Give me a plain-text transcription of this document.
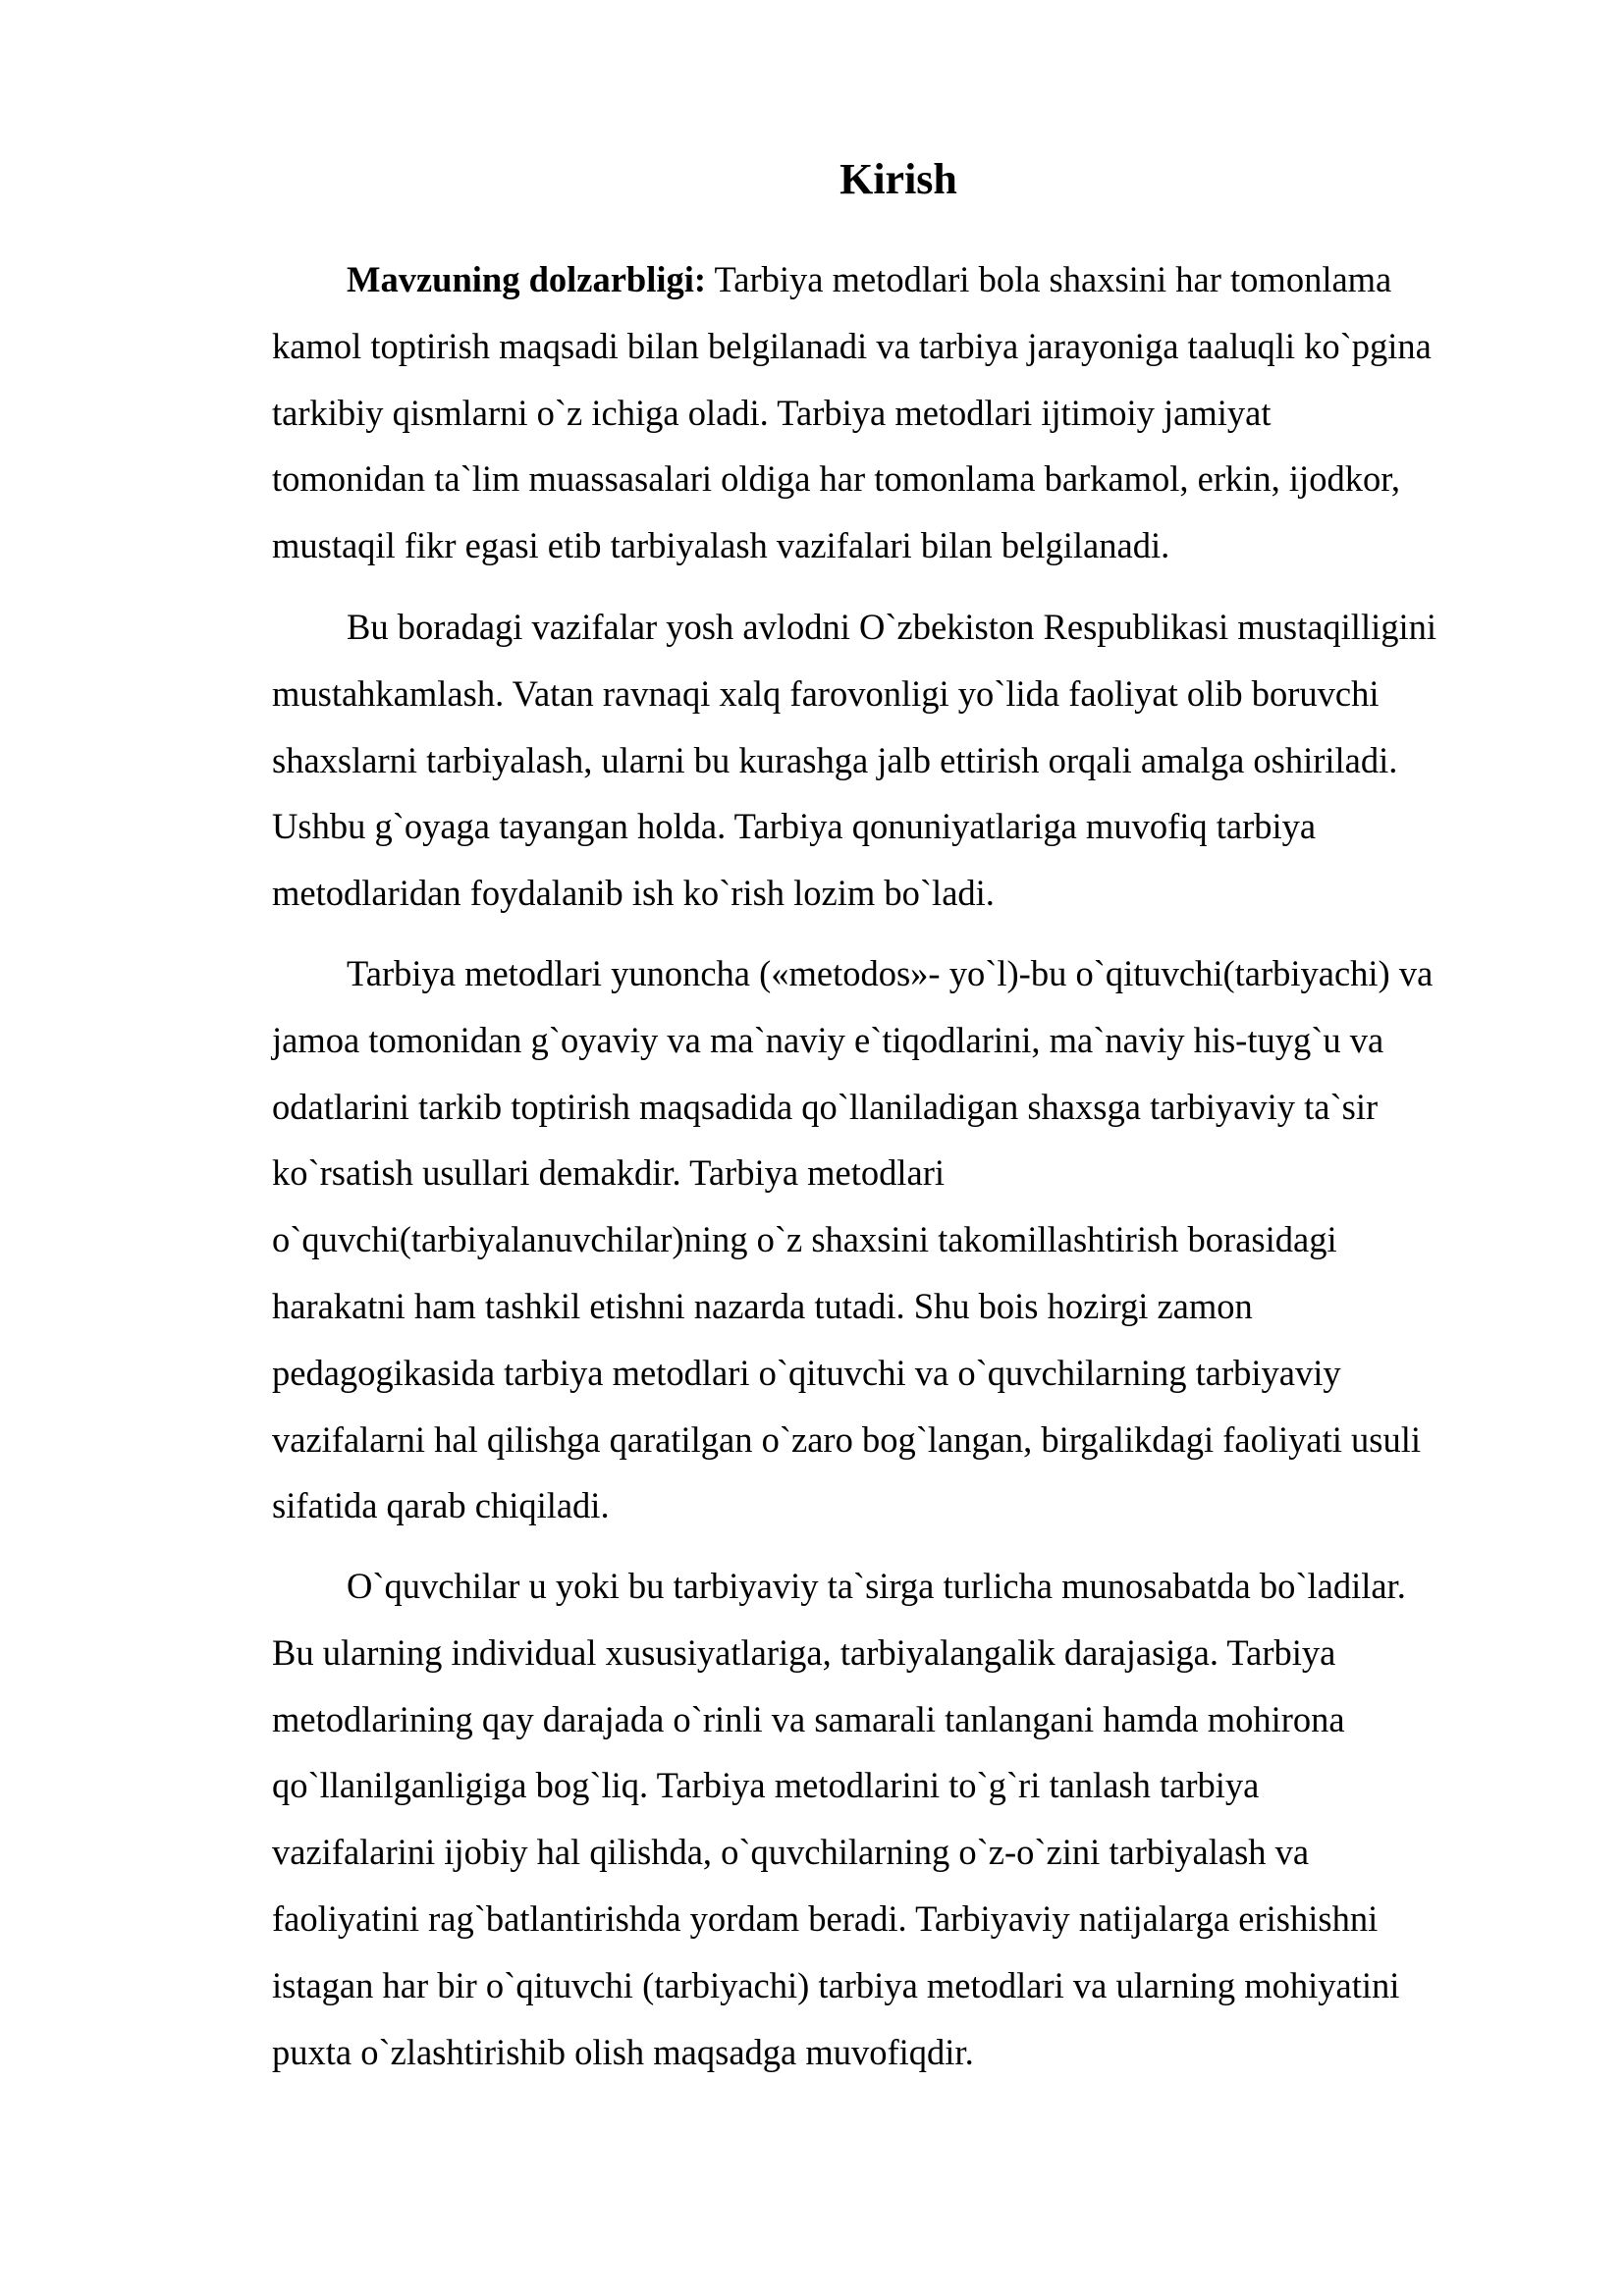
Kirish
Mavzuning dolzarbligi: Tarbiya metodlari bola shaxsini har tomonlama
kamol toptirish maqsadi bilan belgilanadi va tarbiya jarayoniga taaluqli ko`pgina
tarkibiy qismlarni o`z ichiga oladi. Tarbiya metodlari ijtimoiy jamiyat
tomonidan ta`lim muassasalari oldiga har tomonlama barkamol, erkin, ijodkor,
mustaqil fikr egasi etib tarbiyalash vazifalari bilan belgilanadi.
Bu boradagi vazifalar yosh avlodni O`zbekiston Respublikasi mustaqilligini
mustahkamlash. Vatan ravnaqi xalq farovonligi yo`lida faoliyat olib boruvchi
shaxslarni tarbiyalash, ularni bu kurashga jalb ettirish orqali amalga oshiriladi.
Ushbu g`oyaga tayangan holda. Tarbiya qonuniyatlariga muvofiq tarbiya
metodlaridan foydalanib ish ko`rish lozim bo`ladi.
Tarbiya metodlari yunoncha («metodos»- yo`l)-bu o`qituvchi(tarbiyachi) va
jamoa tomonidan g`oyaviy va ma`naviy e`tiqodlarini, ma`naviy his-tuyg`u va
odatlarini tarkib toptirish maqsadida qo`llaniladigan shaxsga tarbiyaviy ta`sir
ko`rsatish usullari demakdir. Tarbiya metodlari
o`quvchi(tarbiyalanuvchilar)ning o`z shaxsini takomillashtirish borasidagi
harakatni ham tashkil etishni nazarda tutadi. Shu bois hozirgi zamon
pedagogikasida tarbiya metodlari o`qituvchi va o`quvchilarning tarbiyaviy
vazifalarni hal qilishga qaratilgan o`zaro bog`langan, birgalikdagi faoliyati usuli
sifatida qarab chiqiladi.
O`quvchilar u yoki bu tarbiyaviy ta`sirga turlicha munosabatda bo`ladilar.
Bu ularning individual xususiyatlariga, tarbiyalangalik darajasiga. Tarbiya
metodlarining qay darajada o`rinli va samarali tanlangani hamda mohirona
qo`llanilganligiga bog`liq. Tarbiya metodlarini to`g`ri tanlash tarbiya
vazifalarini ijobiy hal qilishda, o`quvchilarning o`z-o`zini tarbiyalash va
faoliyatini rag`batlantirishda yordam beradi. Tarbiyaviy natijalarga erishishni
istagan har bir o`qituvchi (tarbiyachi) tarbiya metodlari va ularning mohiyatini
puxta o`zlashtirishib olish maqsadga muvofiqdir.
